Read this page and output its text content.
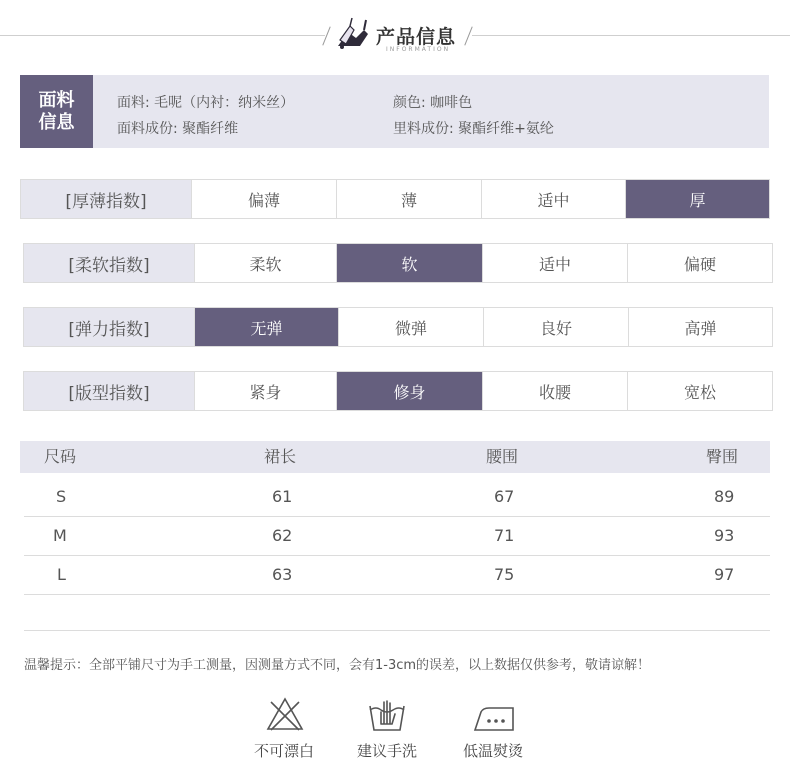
产品信息
INFORMATION
面料
信息
面料: 毛呢（内衬：纳米丝）
面料成份: 聚酯纤维
颜色: 咖啡色
里料成份: 聚酯纤维+氨纶
[厚薄指数]	偏薄	薄	适中	厚
[柔软指数]	柔软	软	适中	偏硬
[弹力指数]	无弹	微弹	良好	高弹
[版型指数]	紧身	修身	收腰	宽松
尺码	裙长	腰围	臀围
S	61	67	89
M	62	71	93
L	63	75	97
温馨提示：全部平铺尺寸为手工测量，因测量方式不同，会有1-3cm的误差，以上数据仅供参考，敬请谅解！
不可漂白	建议手洗	低温熨烫
